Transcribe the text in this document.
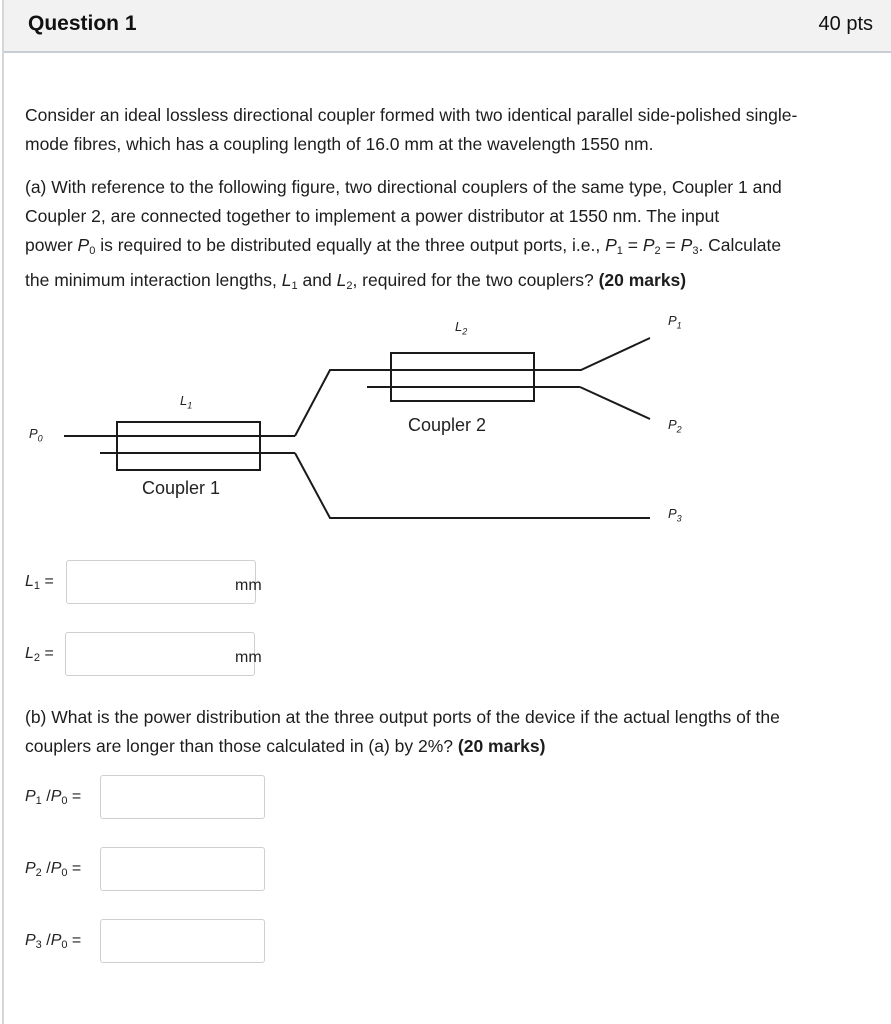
Question 1	40 pts
Consider an ideal lossless directional coupler formed with two identical parallel side-polished single-
mode fibres, which has a coupling length of 16.0 mm at the wavelength 1550 nm.
(a) With reference to the following figure, two directional couplers of the same type, Coupler 1 and
Coupler 2, are connected together to implement a power distributor at 1550 nm. The input
power $P_0$ is required to be distributed equally at the three output ports, i.e., $P_1 = P_2 = P_3$. Calculate
the minimum interaction lengths, $L_1$ and $L_2$, required for the two couplers? (20 marks)
$P_0$
$L_1$
$L_2$
$P_1$
$P_2$
$P_3$
Coupler 1
Coupler 2
$L_1$ =	mm
$L_2$ =	mm
(b) What is the power distribution at the three output ports of the device if the actual lengths of the
couplers are longer than those calculated in (a) by 2%? (20 marks)
$P_1$ $/P_0$ =
$P_2$ $/P_0$ =
$P_3$ $/P_0$ =
